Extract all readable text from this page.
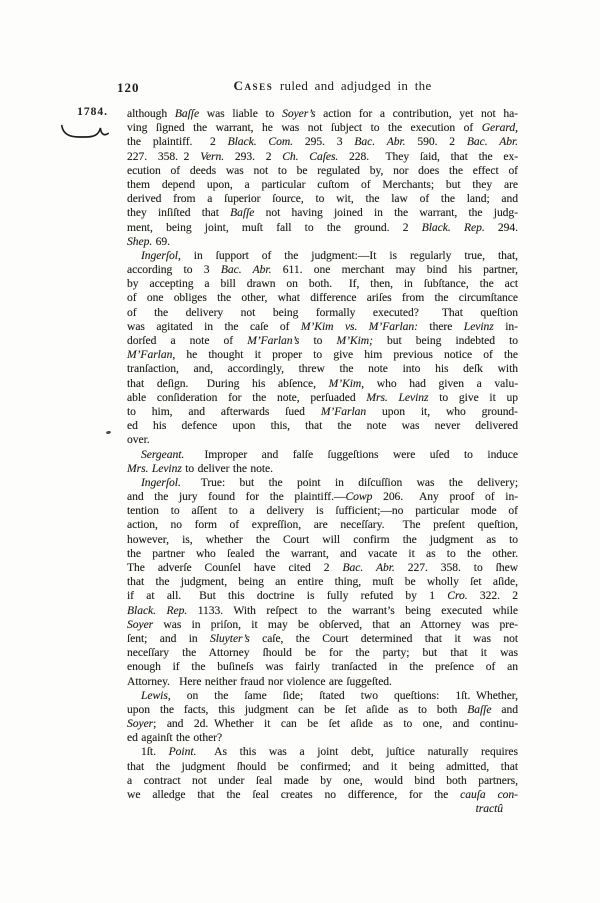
120	Cases ruled and adjudged in the
1784. although Baſſe was liable to Soyer’s action for a contribution, yet not ha-
ving ſigned the warrant, he was not ſubject to the execution of Gerard,
the plaintiff.  2 Black. Com. 295. 3 Bac. Abr. 590. 2 Bac. Abr.
227. 358. 2 Vern. 293. 2 Ch. Caſes. 228.  They ſaid, that the ex-
ecution of deeds was not to be regulated by, nor does the effect of
them depend upon, a particular cuſtom of Merchants; but they are
derived from a ſuperior ſource, to wit, the law of the land; and
they inſiſted that Baſſe not having joined in the warrant, the judg-
ment, being joint, muſt fall to the ground. 2 Black. Rep. 294.
Shep. 69.
Ingerſol, in ſupport of the judgment:—It is regularly true, that,
according to 3 Bac. Abr. 611. one merchant may bind his partner,
by accepting a bill drawn on both.  If, then, in ſubſtance, the act
of one obliges the other, what difference ariſes from the circumſtance
of the delivery not being formally executed?  That queſtion
was agitated in the caſe of M’Kim vs. M’Farlan: there Levinz in-
dorſed a note of M’Farlan’s to M’Kim; but being indebted to
M’Farlan, he thought it proper to give him previous notice of the
tranſaction, and, accordingly, threw the note into his deſk with
that deſign.  During his abſence, M’Kim, who had given a valu-
able conſideration for the note, perſuaded Mrs. Levinz to give it up
to him, and afterwards ſued M’Farlan upon it, who ground-
ed his defence upon this, that the note was never delivered
over.
Sergeant.  Improper and falſe ſuggeſtions were uſed to induce
Mrs. Levinz to deliver the note.
Ingerſol.  True: but the point in diſcuſſion was the delivery;
and the jury found for the plaintiff.—Cowp 206.  Any proof of in-
tention to aſſent to a delivery is ſufficient;—no particular mode of
action, no form of expreſſion, are neceſſary.  The preſent queſtion,
however, is, whether the Court will confirm the judgment as to
the partner who ſealed the warrant, and vacate it as to the other.
The adverſe Counſel have cited 2 Bac. Abr. 227. 358. to ſhew
that the judgment, being an entire thing, muſt be wholly ſet aſide,
if at all.  But this doctrine is fully refuted by 1 Cro. 322. 2
Black. Rep. 1133. With reſpect to the warrant’s being executed while
Soyer was in priſon, it may be obſerved, that an Attorney was pre-
ſent; and in Sluyter’s caſe, the Court determined that it was not
neceſſary the Attorney ſhould be for the party; but that it was
enough if the buſineſs was fairly tranſacted in the preſence of an
Attorney.  Here neither fraud nor violence are ſuggeſted.
Lewis, on the ſame ſide; ſtated two queſtions: 1ſt. Whether,
upon the facts, this judgment can be ſet aſide as to both Baſſe and
Soyer; and 2d. Whether it can be ſet aſide as to one, and continu-
ed againſt the other?
1ſt. Point.  As this was a joint debt, juſtice naturally requires
that the judgment ſhould be confirmed; and it being admitted, that
a contract not under ſeal made by one, would bind both partners,
we alledge that the ſeal creates no difference, for the cauſa con-
tractû
